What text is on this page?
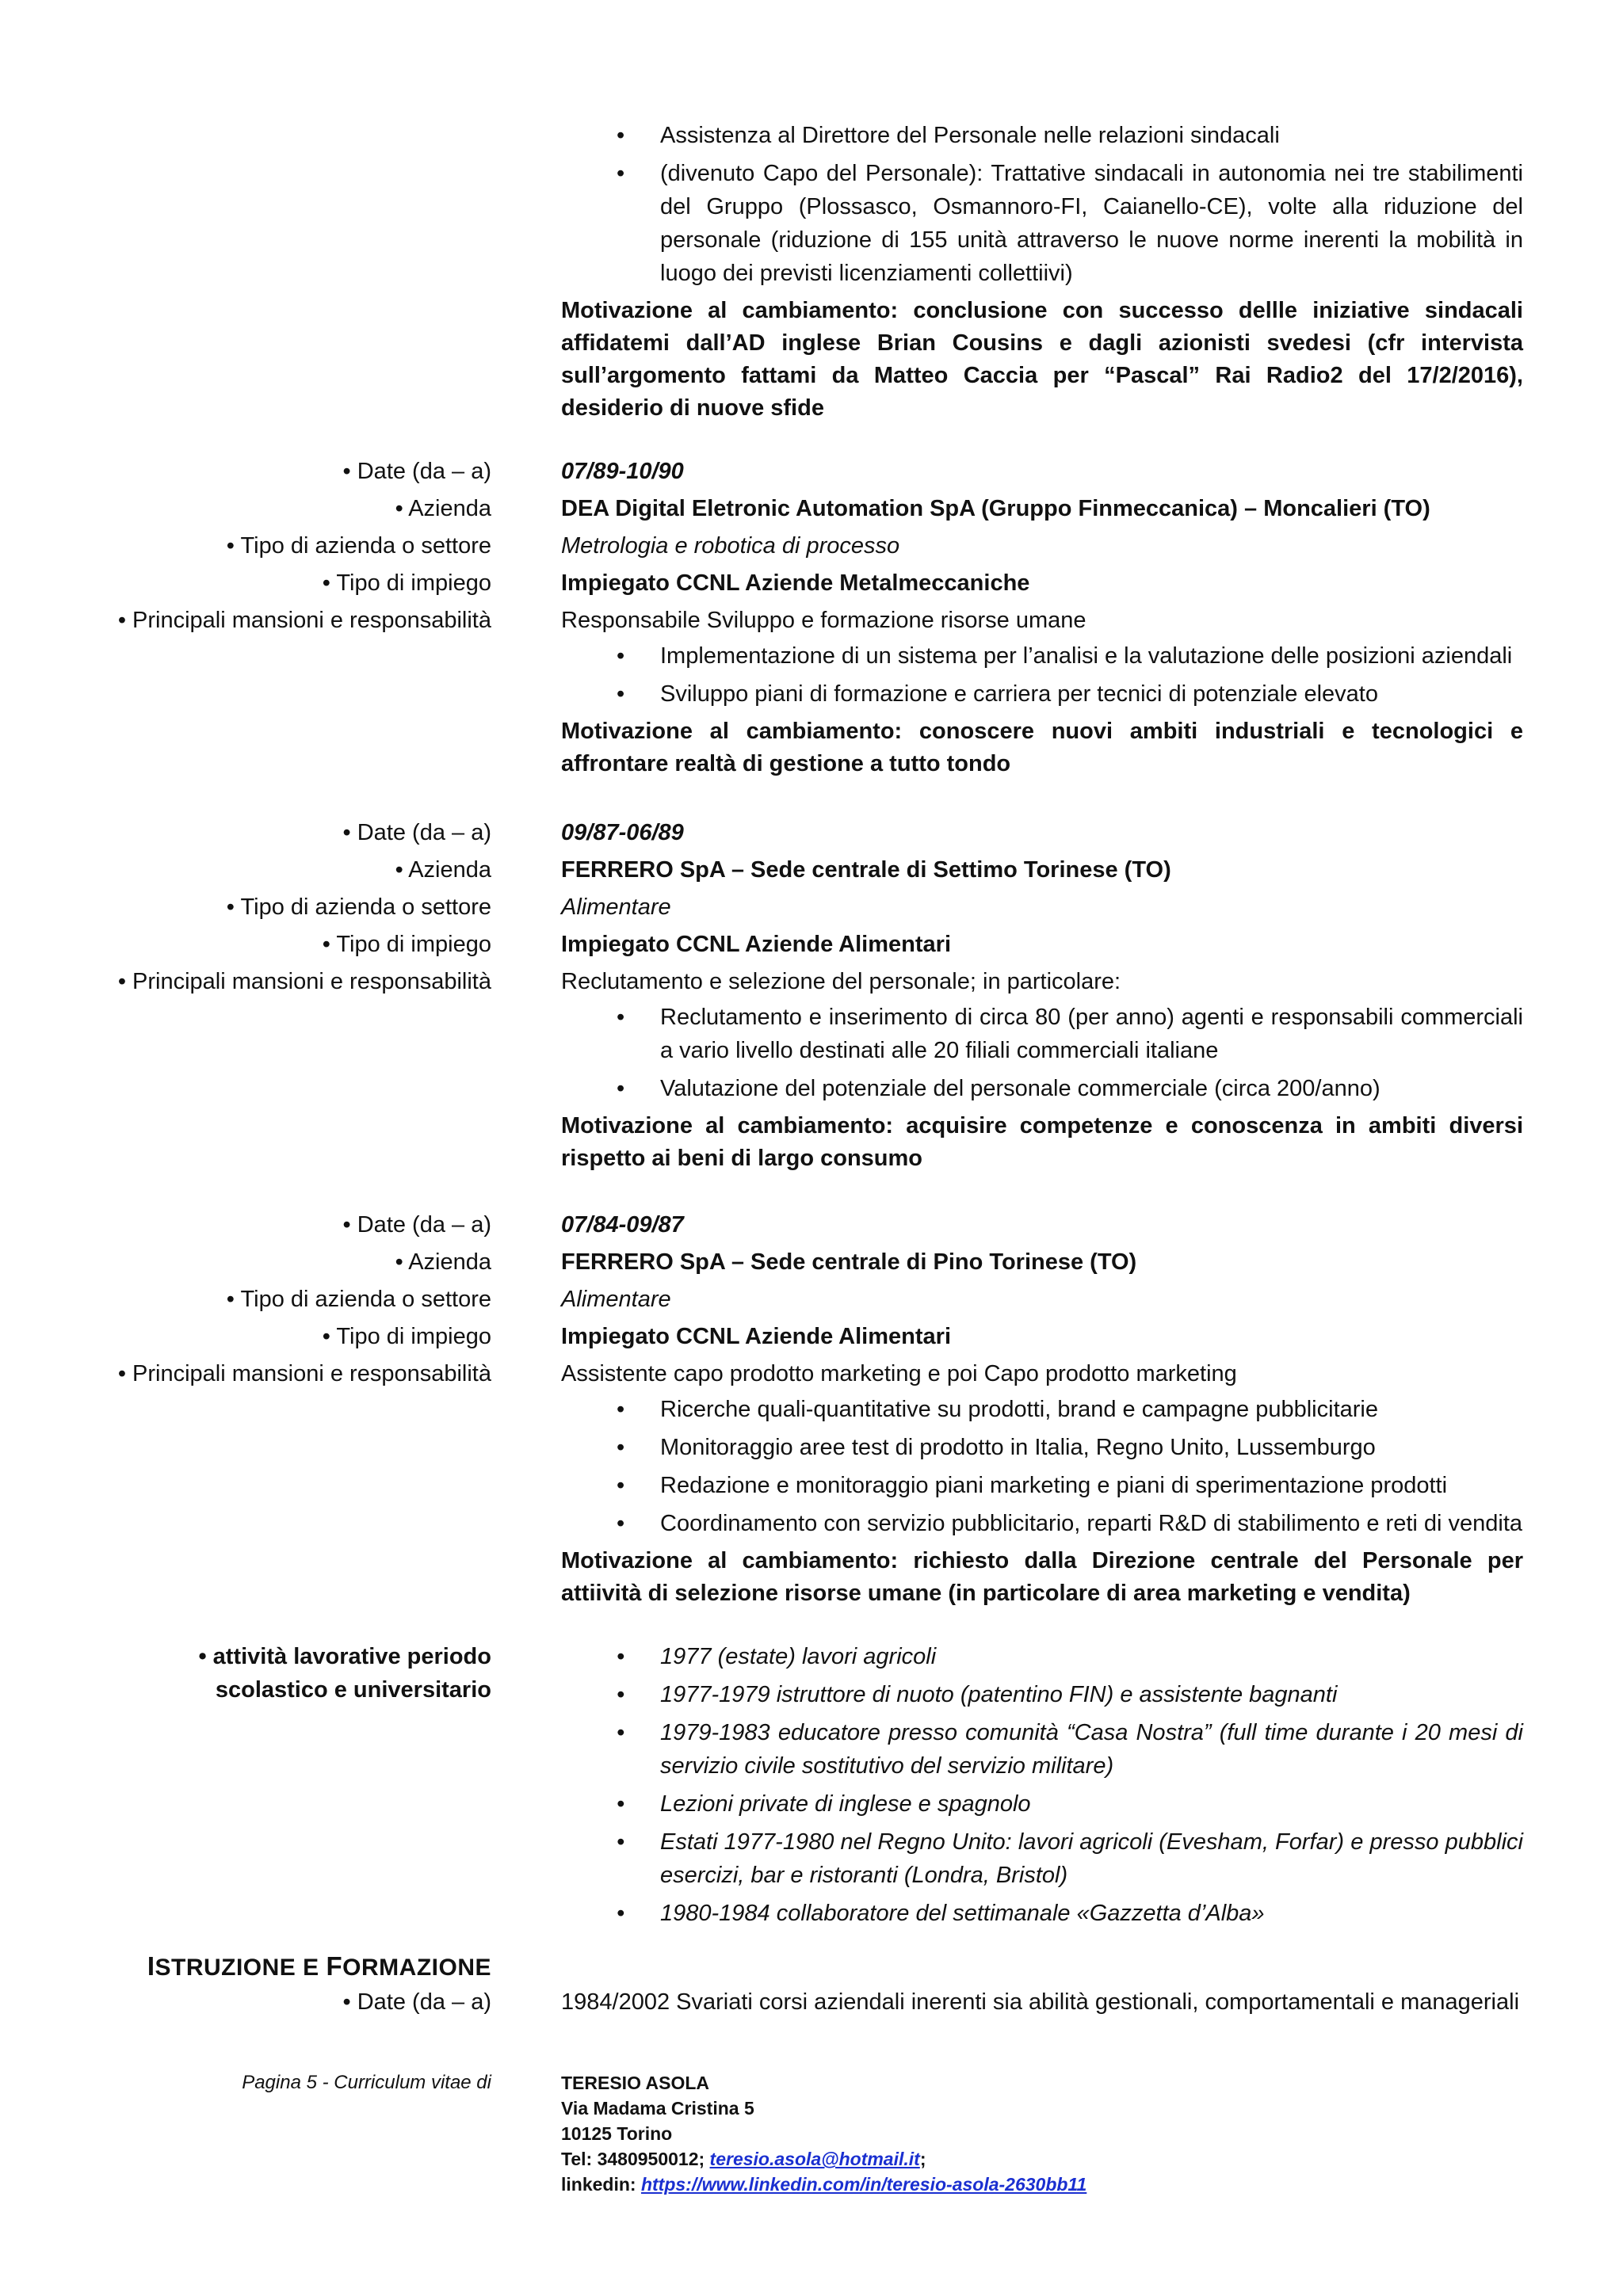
• Assistenza al Direttore del Personale nelle relazioni sindacali
• (divenuto Capo del Personale): Trattative sindacali in autonomia nei tre stabilimenti del Gruppo (Plossasco, Osmannoro-FI, Caianello-CE), volte alla riduzione del personale (riduzione di 155 unità attraverso le nuove norme inerenti la mobilità in luogo dei previsti licenziamenti collettiivi)
Motivazione al cambiamento: conclusione con successo dellle iniziative sindacali affidatemi dall’AD inglese Brian Cousins e dagli azionisti svedesi (cfr intervista sull’argomento fattami da Matteo Caccia per “Pascal” Rai Radio2 del 17/2/2016), desiderio di nuove sfide
• Date (da – a)
• Azienda
• Tipo di azienda o settore
• Tipo di impiego
• Principali mansioni e responsabilità
07/89-10/90
DEA Digital Eletronic Automation SpA (Gruppo Finmeccanica) – Moncalieri (TO)
Metrologia e robotica di processo
Impiegato CCNL Aziende Metalmeccaniche
Responsabile Sviluppo e formazione risorse umane
• Implementazione di un sistema per l’analisi e la valutazione delle posizioni aziendali
• Sviluppo piani di formazione e carriera per tecnici di potenziale elevato
Motivazione al cambiamento: conoscere nuovi ambiti industriali e tecnologici e affrontare realtà di gestione a tutto tondo
• Date (da – a)
• Azienda
• Tipo di azienda o settore
• Tipo di impiego
• Principali mansioni e responsabilità
09/87-06/89
FERRERO SpA – Sede centrale di Settimo Torinese (TO)
Alimentare
Impiegato CCNL Aziende Alimentari
Reclutamento e selezione del personale; in particolare:
• Reclutamento e inserimento di circa 80 (per anno) agenti e responsabili commerciali a vario livello destinati alle 20 filiali commerciali italiane
• Valutazione del potenziale del personale commerciale (circa 200/anno)
Motivazione al cambiamento: acquisire competenze e conoscenza in ambiti diversi rispetto ai beni di largo consumo
• Date (da – a)
• Azienda
• Tipo di azienda o settore
• Tipo di impiego
• Principali mansioni e responsabilità
07/84-09/87
FERRERO SpA – Sede centrale di Pino Torinese (TO)
Alimentare
Impiegato CCNL Aziende Alimentari
Assistente capo prodotto marketing e poi Capo prodotto marketing
• Ricerche quali-quantitative su prodotti, brand e campagne pubblicitarie
• Monitoraggio aree test di prodotto in Italia, Regno Unito, Lussemburgo
• Redazione e monitoraggio piani marketing e piani di sperimentazione prodotti
• Coordinamento con servizio pubblicitario, reparti R&D di stabilimento e reti di vendita
Motivazione al cambiamento: richiesto dalla Direzione centrale del Personale per attiività di selezione risorse umane (in particolare di area marketing e vendita)
• attività lavorative periodo
scolastico e universitario
• 1977 (estate) lavori agricoli
• 1977-1979 istruttore di nuoto (patentino FIN) e assistente bagnanti
• 1979-1983 educatore presso comunità “Casa Nostra” (full time durante i 20 mesi di servizio civile sostitutivo del servizio militare)
• Lezioni private di inglese e spagnolo
• Estati 1977-1980 nel Regno Unito: lavori agricoli (Evesham, Forfar) e presso pubblici esercizi, bar e ristoranti (Londra, Bristol)
• 1980-1984 collaboratore del settimanale «Gazzetta d’Alba»
ISTRUZIONE E FORMAZIONE
• Date (da – a)	1984/2002 Svariati corsi aziendali inerenti sia abilità gestionali, comportamentali e manageriali
Pagina 5 - Curriculum vitae di	TERESIO ASOLA
Via Madama Cristina 5
10125 Torino
Tel: 3480950012; teresio.asola@hotmail.it;
linkedin: https://www.linkedin.com/in/teresio-asola-2630bb11
